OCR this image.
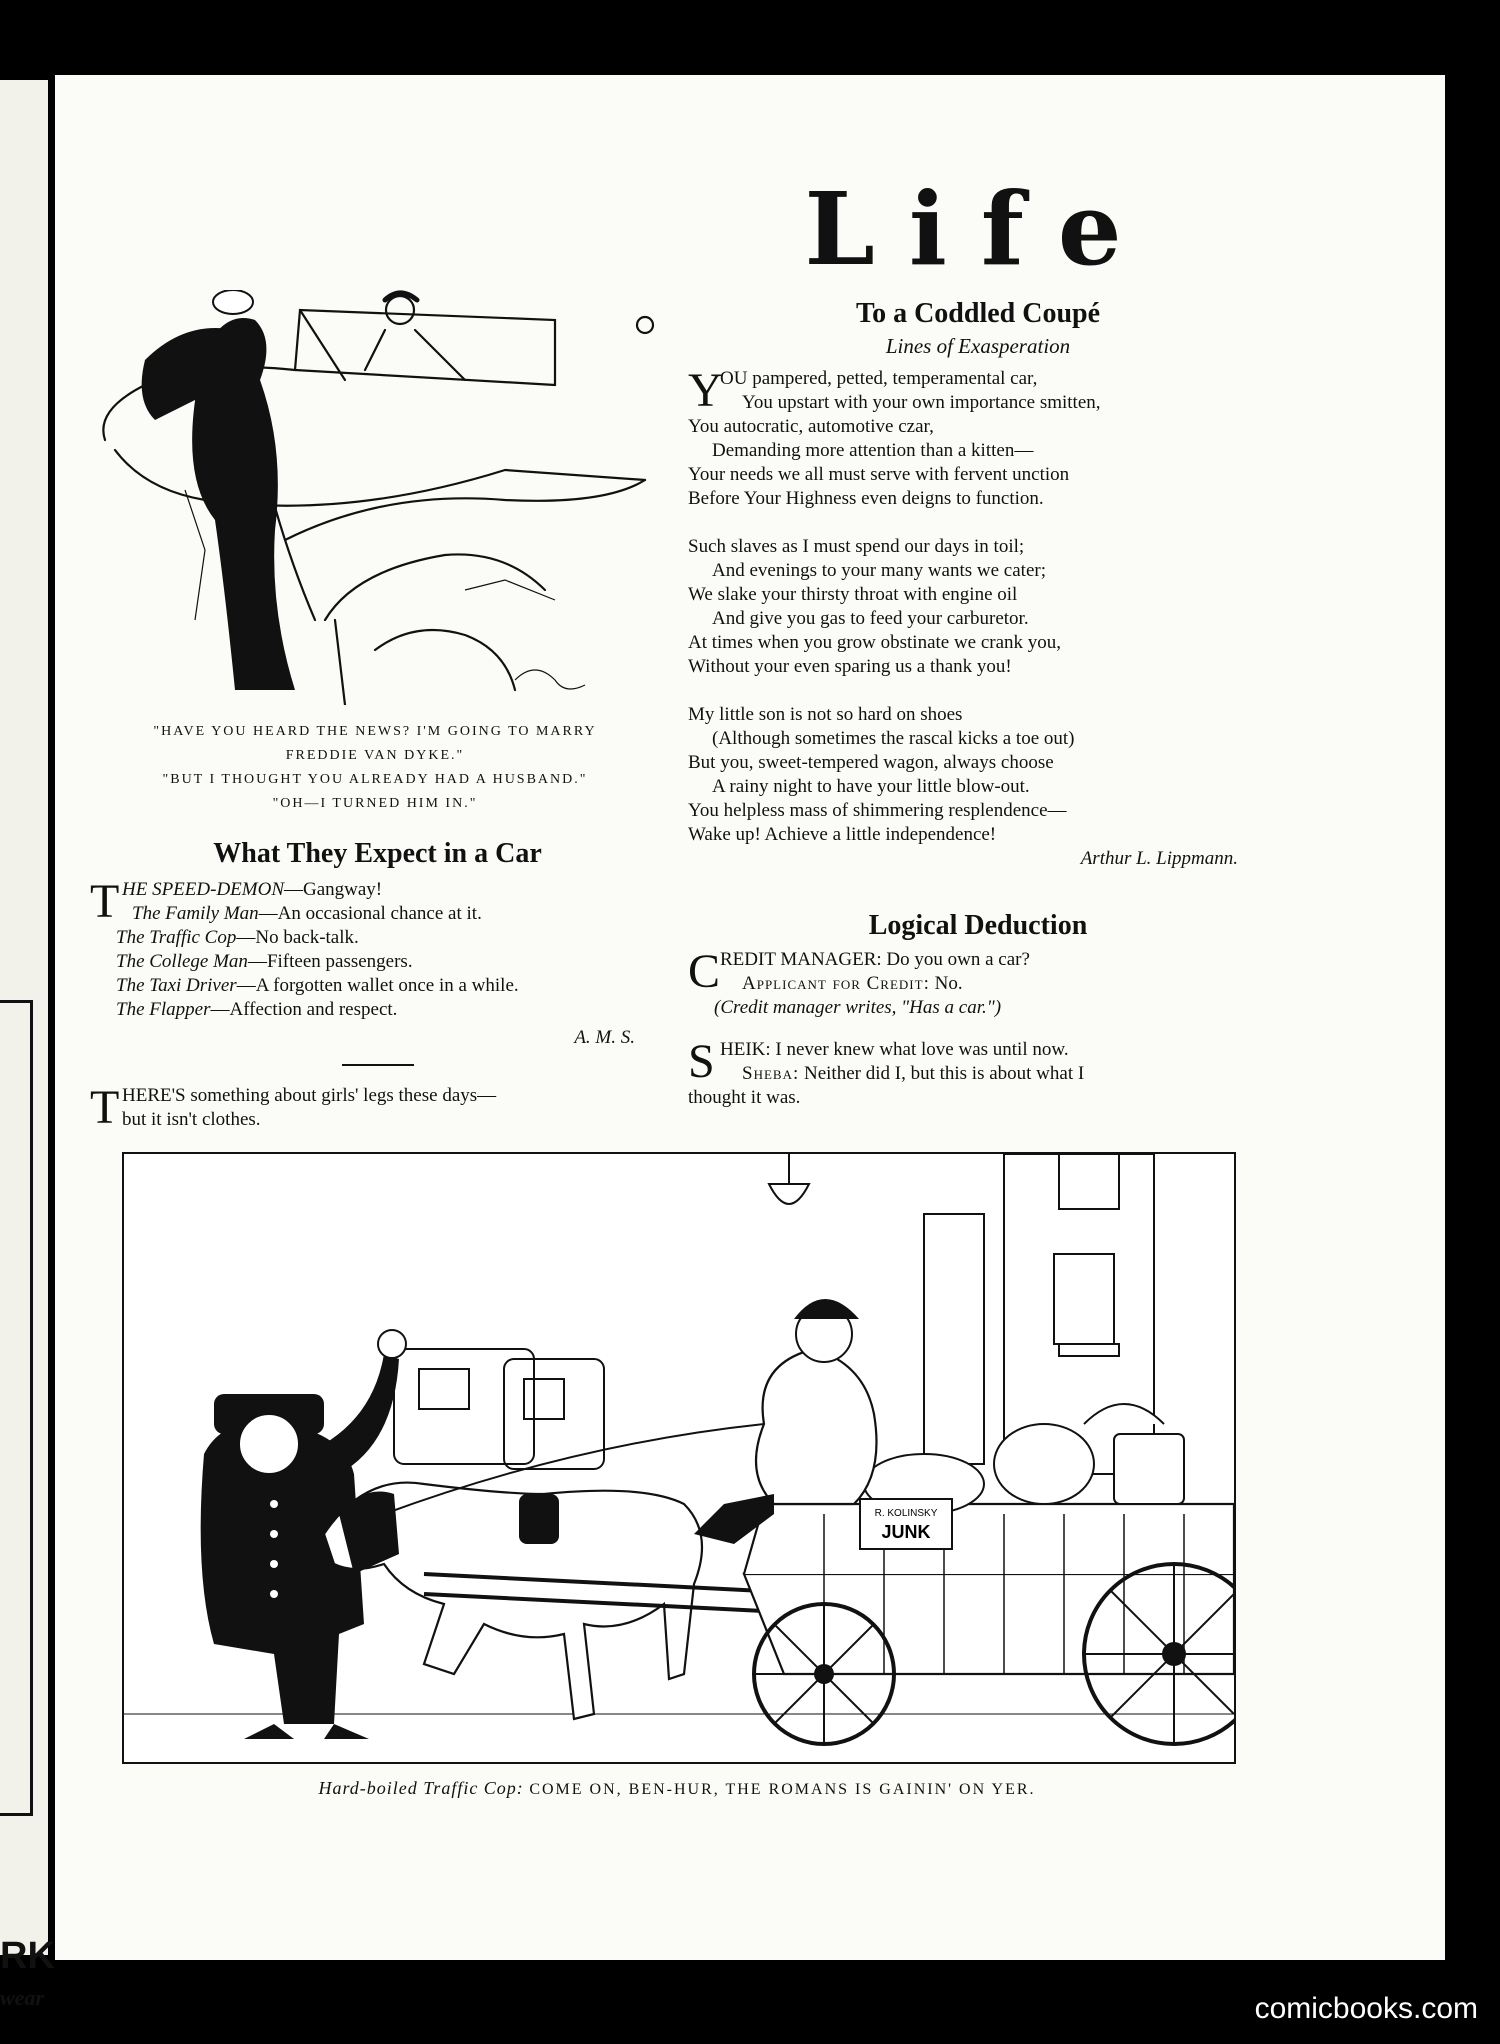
RK
wear
Life
"HAVE YOU HEARD THE NEWS? I'M GOING TO MARRY
FREDDIE VAN DYKE."
"BUT I THOUGHT YOU ALREADY HAD A HUSBAND."
"OH—I TURNED HIM IN."
What They Expect in a Car
T HE SPEED-DEMON—Gangway!
The Family Man—An occasional chance at it.
The Traffic Cop—No back-talk.
The College Man—Fifteen passengers.
The Taxi Driver—A forgotten wallet once in a while.
The Flapper—Affection and respect.
A. M. S.
T HERE'S something about girls' legs these days—
but it isn't clothes.
To a Coddled Coupé
Lines of Exasperation
Y
OU pampered, petted, temperamental car,
You upstart with your own importance smitten,
You autocratic, automotive czar,
Demanding more attention than a kitten—
Your needs we all must serve with fervent unction
Before Your Highness even deigns to function.
Such slaves as I must spend our days in toil;
And evenings to your many wants we cater;
We slake your thirsty throat with engine oil
And give you gas to feed your carburetor.
At times when you grow obstinate we crank you,
Without your even sparing us a thank you!
My little son is not so hard on shoes
(Although sometimes the rascal kicks a toe out)
But you, sweet-tempered wagon, always choose
A rainy night to have your little blow-out.
You helpless mass of shimmering resplendence—
Wake up! Achieve a little independence!
Arthur L. Lippmann.
Logical Deduction
C REDIT MANAGER: Do you own a car?
Applicant for Credit: No.
(Credit manager writes, "Has a car.")
S HEIK: I never knew what love was until now.
Sheba: Neither did I, but this is about what I
thought it was.
R. KOLINSKY
JUNK
Hard-boiled Traffic Cop: COME ON, BEN-HUR, THE ROMANS IS GAININ' ON YER.
comicbooks.com
